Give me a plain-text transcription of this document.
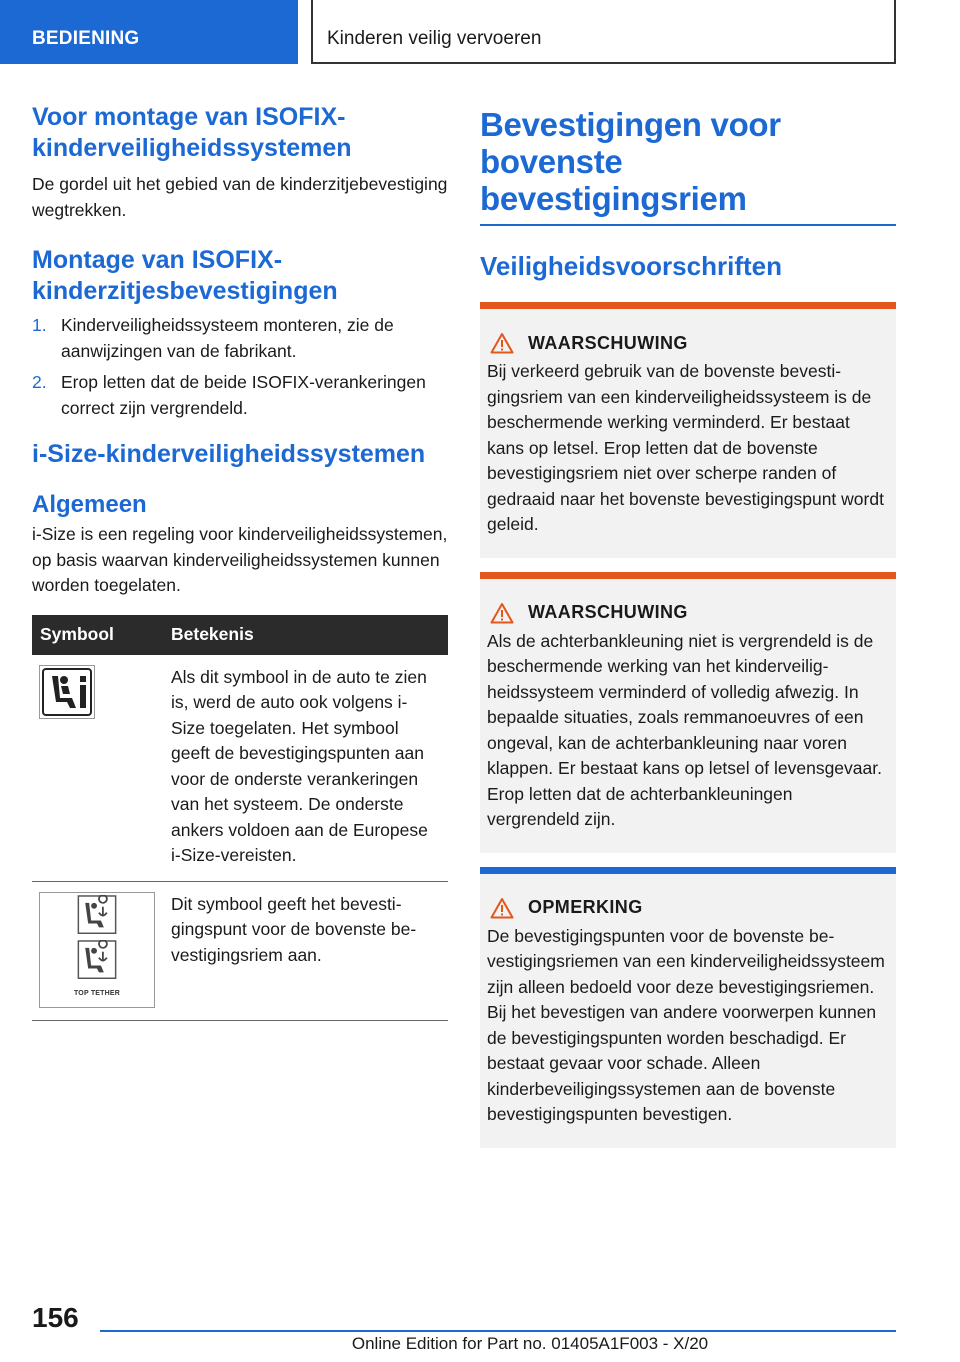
BEDIENING	Kinderen veilig vervoeren
Voor montage van ISOFIX-kinderveiligheidssystemen
De gordel uit het gebied van de kinderzitjebevestiging wegtrekken.
Montage van ISOFIX-kinderzitjesbevestigingen
1. Kinderveiligheidssysteem monteren, zie de aanwijzingen van de fabrikant.
2. Erop letten dat de beide ISOFIX-verankeringen correct zijn vergrendeld.
i-Size-kinderveiligheidssystemen
Algemeen
i-Size is een regeling voor kinderveiligheidssystemen, op basis waarvan kinderveiligheidssystemen kunnen worden toegelaten.
Symbool	Betekenis

	Als dit symbool in de auto te zien is, werd de auto ook volgens i-Size toegelaten. Het symbool geeft de bevestigingspunten aan voor de onderste verankeringen van het systeem. De onderste ankers voldoen aan de Europese i-Size-vereisten.

TOP TETHER	Dit symbool geeft het bevestigingspunt voor de bovenste bevestigingsriem aan.
Bevestigingen voor bovenste bevestigingsriem
Veiligheidsvoorschriften
WAARSCHUWING
Bij verkeerd gebruik van de bovenste bevestigingsriem van een kinderveiligheidssysteem is de beschermende werking verminderd. Er bestaat kans op letsel. Erop letten dat de bovenste bevestigingsriem niet over scherpe randen of gedraaid naar het bovenste bevestigingspunt wordt geleid.
WAARSCHUWING
Als de achterbankleuning niet is vergrendeld is de beschermende werking van het kinderveiligheidssysteem verminderd of volledig afwezig. In bepaalde situaties, zoals remmanoeuvres of een ongeval, kan de achterbankleuning naar voren klappen. Er bestaat kans op letsel of levensgevaar. Erop letten dat de achterbankleuningen vergrendeld zijn.
OPMERKING
De bevestigingspunten voor de bovenste bevestigingsriemen van een kinderveiligheidssysteem zijn alleen bedoeld voor deze bevestigingsriemen. Bij het bevestigen van andere voorwerpen kunnen de bevestigingspunten worden beschadigd. Er bestaat gevaar voor schade. Alleen kinderbeveiligingssystemen aan de bovenste bevestigingspunten bevestigen.
156
Online Edition for Part no. 01405A1F003 - X/20
